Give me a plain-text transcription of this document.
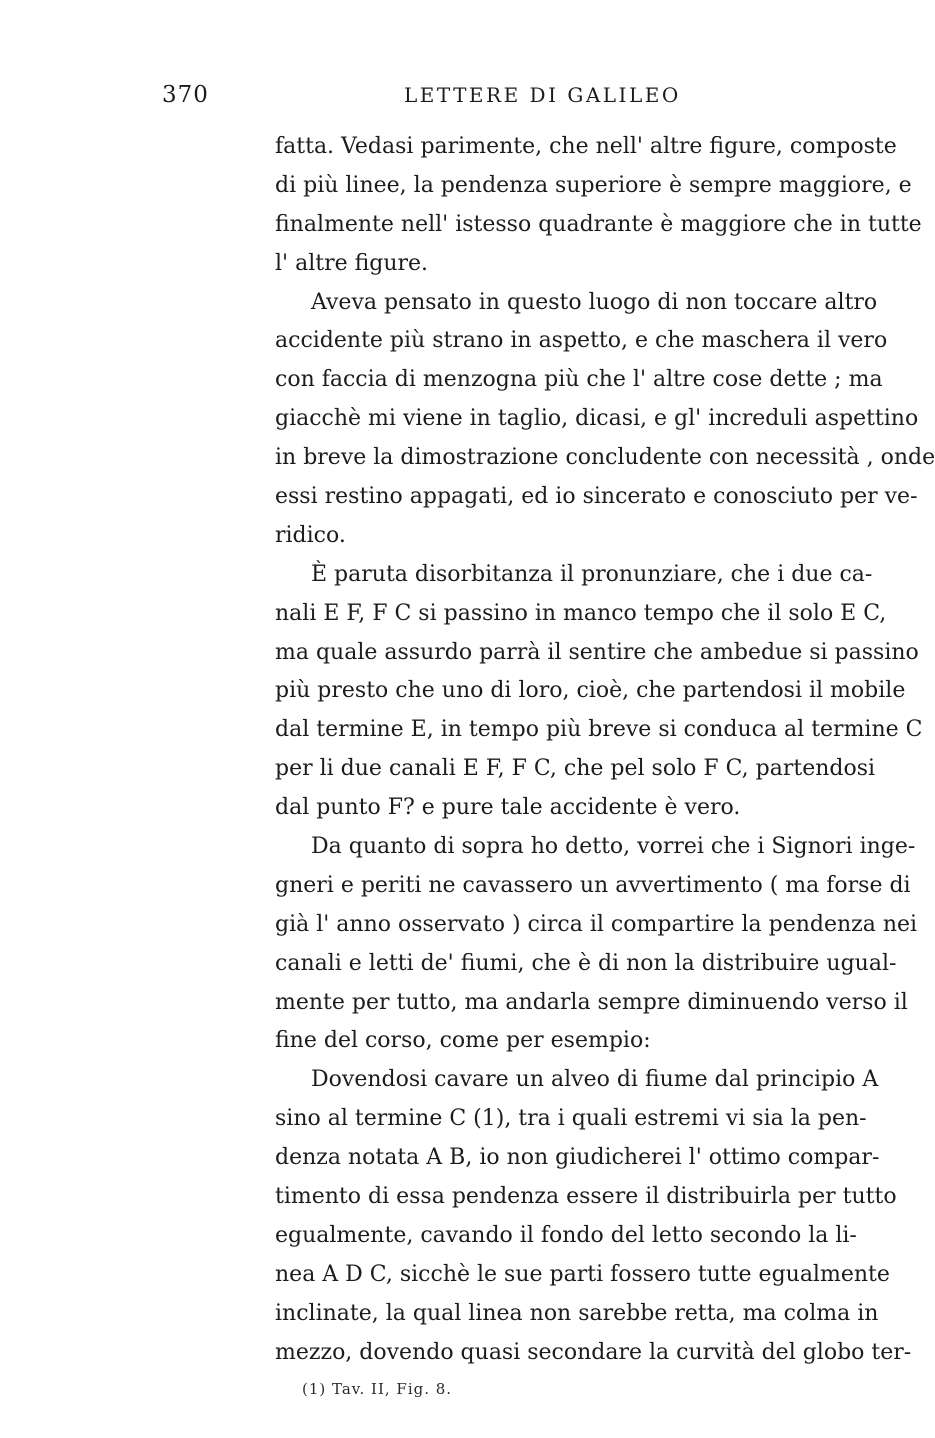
370	LETTERE DI GALILEO
fatta. Vedasi parimente, che nell' altre figure, composte
di più linee, la pendenza superiore è sempre maggiore, e
finalmente nell' istesso quadrante è maggiore che in tutte
l' altre figure.
Aveva pensato in questo luogo di non toccare altro
accidente più strano in aspetto, e che maschera il vero
con faccia di menzogna più che l' altre cose dette ; ma
giacchè mi viene in taglio, dicasi, e gl' increduli aspettino
in breve la dimostrazione concludente con necessità , onde
essi restino appagati, ed io sincerato e conosciuto per ve-
ridico.
È paruta disorbitanza il pronunziare, che i due ca-
nali E F, F C si passino in manco tempo che il solo E C,
ma quale assurdo parrà il sentire che ambedue si passino
più presto che uno di loro, cioè, che partendosi il mobile
dal termine E, in tempo più breve si conduca al termine C
per li due canali E F, F C, che pel solo F C, partendosi
dal punto F? e pure tale accidente è vero.
Da quanto di sopra ho detto, vorrei che i Signori inge-
gneri e periti ne cavassero un avvertimento ( ma forse di
già l' anno osservato ) circa il compartire la pendenza nei
canali e letti de' fiumi, che è di non la distribuire ugual-
mente per tutto, ma andarla sempre diminuendo verso il
fine del corso, come per esempio:
Dovendosi cavare un alveo di fiume dal principio A
sino al termine C (1), tra i quali estremi vi sia la pen-
denza notata A B, io non giudicherei l' ottimo compar-
timento di essa pendenza essere il distribuirla per tutto
egualmente, cavando il fondo del letto secondo la li-
nea A D C, sicchè le sue parti fossero tutte egualmente
inclinate, la qual linea non sarebbe retta, ma colma in
mezzo, dovendo quasi secondare la curvità del globo ter-
(1) Tav. II, Fig. 8.
